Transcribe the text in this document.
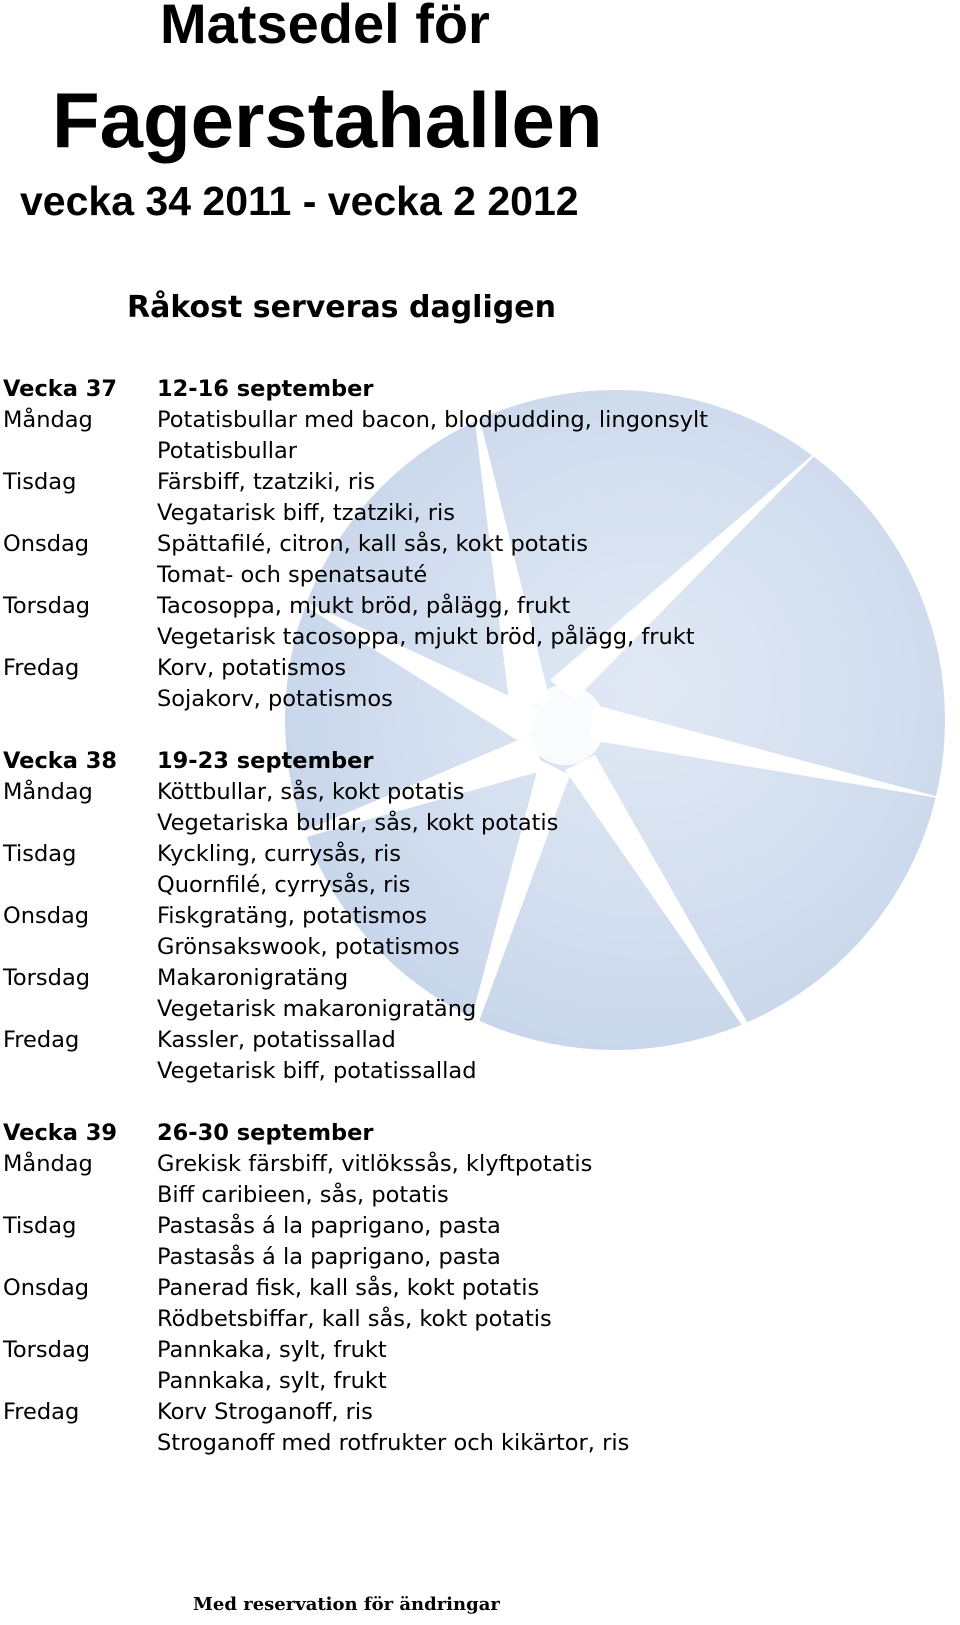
Matsedel för
Fagerstahallen
vecka 34 2011 - vecka 2 2012
Råkost serveras dagligen
Vecka 37	12-16 september
Måndag	Potatisbullar med bacon, blodpudding, lingonsylt
Potatisbullar
Tisdag	Färsbiff, tzatziki, ris
Vegatarisk biff, tzatziki, ris
Onsdag	Spättafilé, citron, kall sås, kokt potatis
Tomat- och spenatsauté
Torsdag	Tacosoppa, mjukt bröd, pålägg, frukt
Vegetarisk tacosoppa, mjukt bröd, pålägg, frukt
Fredag	Korv, potatismos
Sojakorv, potatismos
Vecka 38	19-23 september
Måndag	Köttbullar, sås, kokt potatis
Vegetariska bullar, sås, kokt potatis
Tisdag	Kyckling, currysås, ris
Quornfilé, cyrrysås, ris
Onsdag	Fiskgratäng, potatismos
Grönsakswook, potatismos
Torsdag	Makaronigratäng
Vegetarisk makaronigratäng
Fredag	Kassler, potatissallad
Vegetarisk biff, potatissallad
Vecka 39	26-30 september
Måndag	Grekisk färsbiff, vitlökssås, klyftpotatis
Biff caribieen, sås, potatis
Tisdag	Pastasås á la paprigano, pasta
Pastasås á la paprigano, pasta
Onsdag	Panerad fisk, kall sås, kokt potatis
Rödbetsbiffar, kall sås, kokt potatis
Torsdag	Pannkaka, sylt, frukt
Pannkaka, sylt, frukt
Fredag	Korv Stroganoff, ris
Stroganoff med rotfrukter och kikärtor, ris
Med reservation för ändringar
